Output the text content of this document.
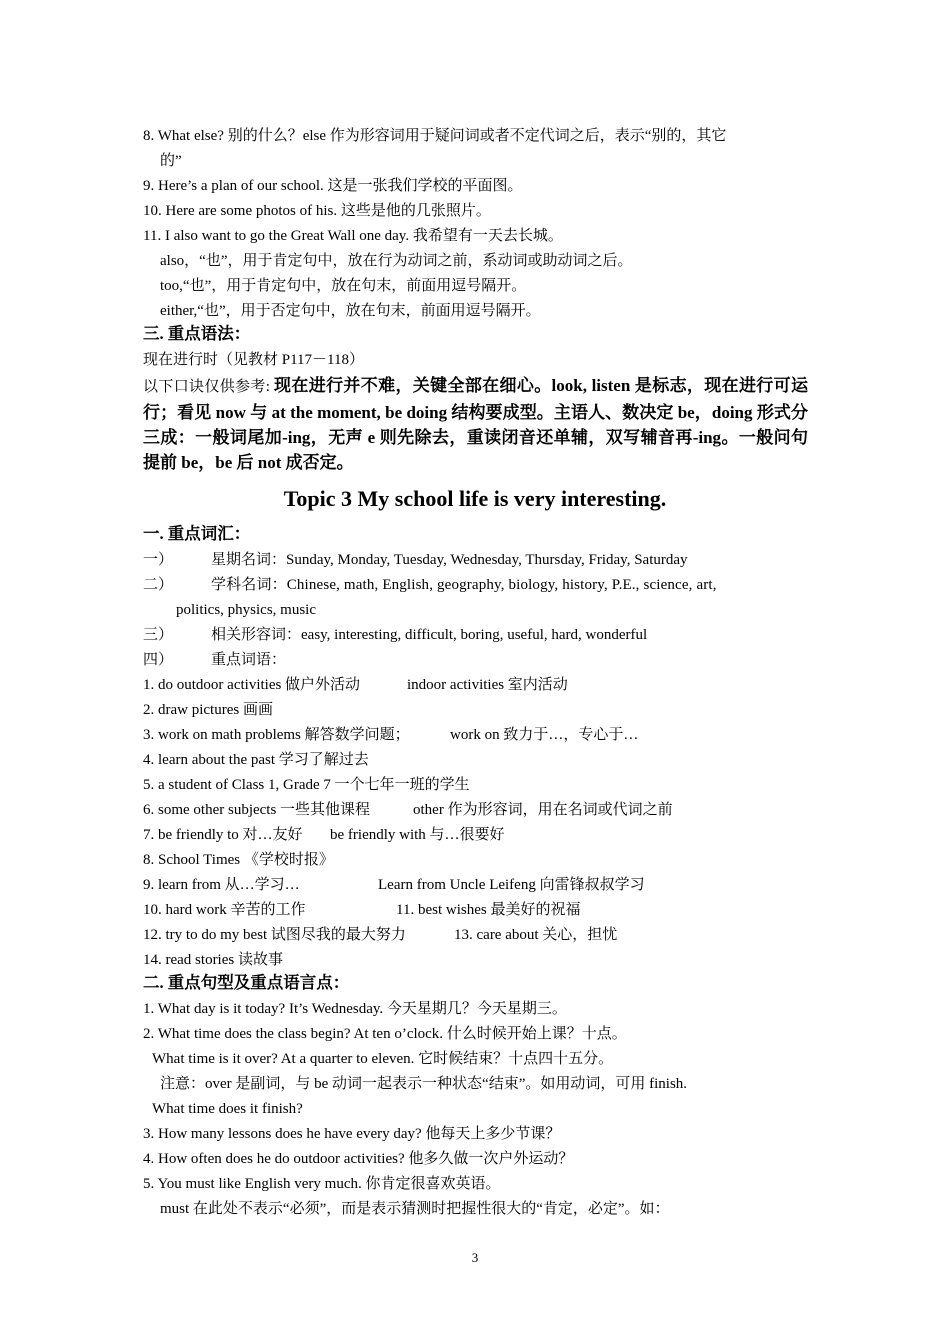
8. What else? 别的什么？else 作为形容词用于疑问词或者不定代词之后，表示“别的，其它
的”
9. Here’s a plan of our school. 这是一张我们学校的平面图。
10. Here are some photos of his. 这些是他的几张照片。
11. I also want to go the Great Wall one day. 我希望有一天去长城。
also，“也”，用于肯定句中，放在行为动词之前，系动词或助动词之后。
too,“也”，用于肯定句中，放在句末，前面用逗号隔开。
either,“也”，用于否定句中，放在句末，前面用逗号隔开。
三. 重点语法：
现在进行时（见教材 P117－118）
以下口诀仅供参考: 现在进行并不难，关键全部在细心。look, listen 是标志，现在进行可运行；看见 now 与 at the moment, be doing 结构要成型。主语人、数决定 be，doing 形式分三成：一般词尾加-ing，无声 e 则先除去，重读闭音还单辅，双写辅音再-ing。一般问句提前 be，be 后 not 成否定。
Topic 3 My school life is very interesting.
一. 重点词汇：
一）	星期名词：Sunday, Monday, Tuesday, Wednesday, Thursday, Friday, Saturday
二）	学科名词：Chinese, math, English, geography, biology, history, P.E., science, art,
politics, physics, music
三）	相关形容词：easy, interesting, difficult, boring, useful, hard, wonderful
四）	重点词语：
1. do outdoor activities 做户外活动	indoor activities 室内活动
2. draw pictures 画画
3. work on math problems 解答数学问题；	work on 致力于…，专心于…
4. learn about the past 学习了解过去
5. a student of Class 1, Grade 7 一个七年一班的学生
6. some other subjects 一些其他课程	other 作为形容词，用在名词或代词之前
7. be friendly to 对…友好 be friendly with 与…很要好
8. School Times 《学校时报》
9. learn from 从…学习…	Learn from Uncle Leifeng 向雷锋叔叔学习
10. hard work 辛苦的工作	11. best wishes 最美好的祝福
12. try to do my best 试图尽我的最大努力	13. care about 关心，担忧
14. read stories 读故事
二. 重点句型及重点语言点：
1. What day is it today? It’s Wednesday. 今天星期几？今天星期三。
2. What time does the class begin? At ten o’clock. 什么时候开始上课？十点。
What time is it over? At a quarter to eleven. 它时候结束？十点四十五分。
注意：over 是副词，与 be 动词一起表示一种状态“结束”。如用动词，可用 finish.
What time does it finish?
3. How many lessons does he have every day? 他每天上多少节课？
4. How often does he do outdoor activities? 他多久做一次户外运动？
5. You must like English very much. 你肯定很喜欢英语。
must 在此处不表示“必须”，而是表示猜测时把握性很大的“肯定，必定”。如：
3
